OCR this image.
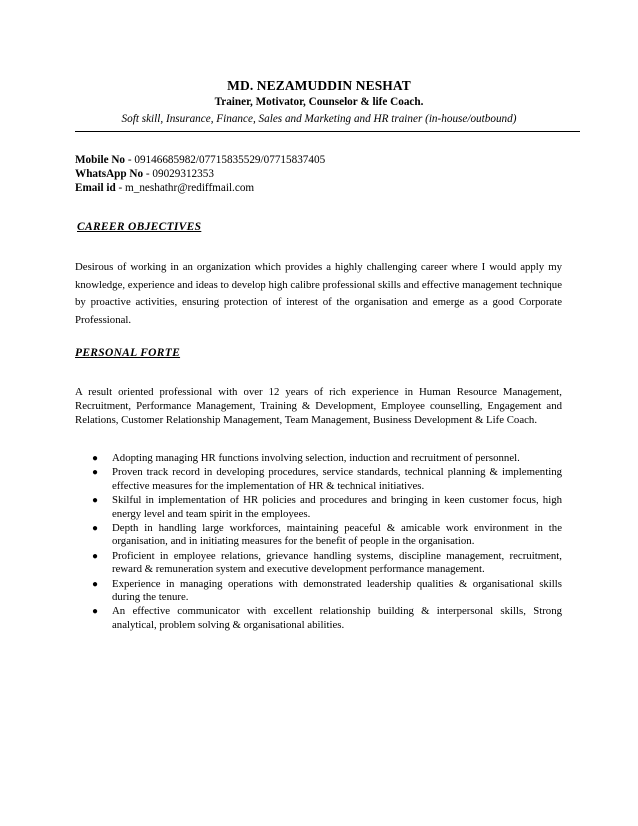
MD. NEZAMUDDIN NESHAT
Trainer, Motivator, Counselor & life Coach.
Soft skill, Insurance, Finance, Sales and Marketing and HR trainer (in-house/outbound)
Mobile No - 09146685982/07715835529/07715837405
WhatsApp No - 09029312353
Email id - m_neshathr@rediffmail.com
CAREER OBJECTIVES
Desirous of working in an organization which provides a highly challenging career where I would apply my knowledge, experience and ideas to develop high calibre professional skills and effective management technique by proactive activities, ensuring protection of interest of the organisation and emerge as a good Corporate Professional.
PERSONAL FORTE
A result oriented professional with over 12 years of rich experience in Human Resource Management, Recruitment, Performance Management, Training & Development, Employee counselling, Engagement and Relations, Customer Relationship Management, Team Management, Business Development & Life Coach.
● Adopting managing HR functions involving selection, induction and recruitment of personnel.
● Proven track record in developing procedures, service standards, technical planning & implementing effective measures for the implementation of HR & technical initiatives.
● Skilful in implementation of HR policies and procedures and bringing in keen customer focus, high energy level and team spirit in the employees.
● Depth in handling large workforces, maintaining peaceful & amicable work environment in the organisation, and in initiating measures for the benefit of people in the organisation.
● Proficient in employee relations, grievance handling systems, discipline management, recruitment, reward & remuneration system and executive development performance management.
● Experience in managing operations with demonstrated leadership qualities & organisational skills during the tenure.
● An effective communicator with excellent relationship building & interpersonal skills, Strong analytical, problem solving & organisational abilities.
